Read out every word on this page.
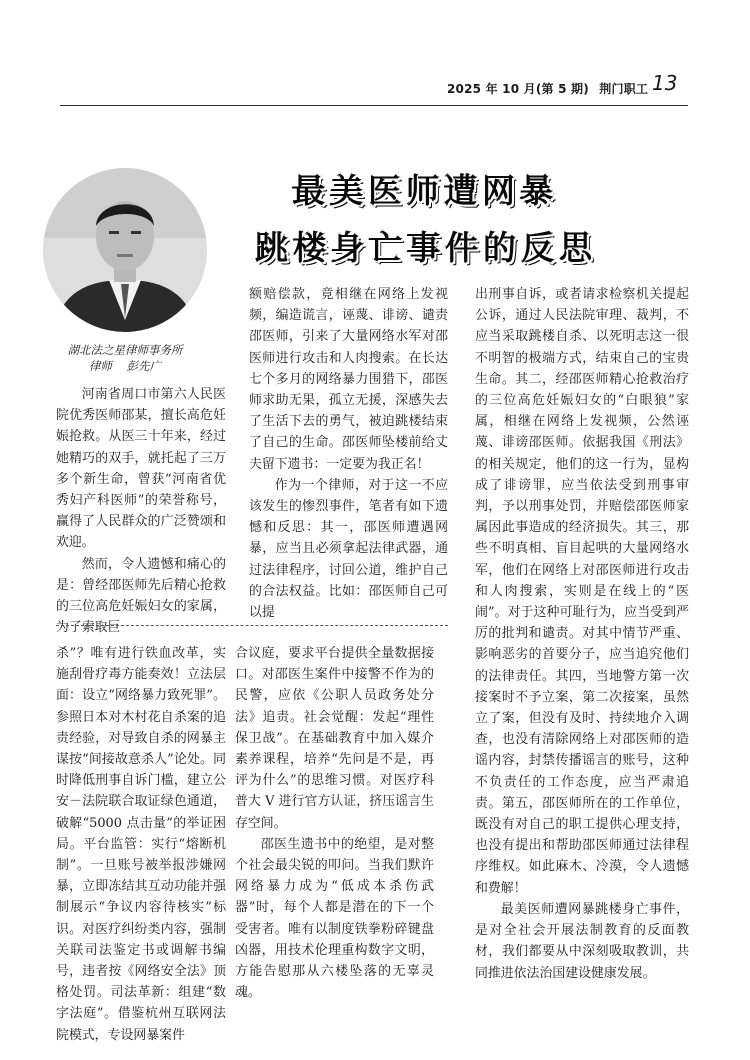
2025 年 10 月(第 5 期) 荆门职工 13
最美医师遭网暴
跳楼身亡事件的反思
湖北法之星律师事务所
律师    彭先广

河南省周口市第六人民医院优秀医师邵某，擅长高危妊娠抢救。从医三十年来，经过她精巧的双手，就托起了三万多个新生命，曾获“河南省优秀妇产科医师”的荣誉称号，赢得了人民群众的广泛赞颂和欢迎。

然而，令人遗憾和痛心的是：曾经邵医师先后精心抢救的三位高危妊娠妇女的家属，为了索取巨

额赔偿款，竟相继在网络上发视频，编造谎言，诬蔑、诽谤、谴责邵医师，引来了大量网络水军对邵医师进行攻击和人肉搜索。在长达七个多月的网络暴力围猎下，邵医师求助无果，孤立无援，深感失去了生活下去的勇气，被迫跳楼结束了自己的生命。邵医师坠楼前给丈夫留下遗书：一定要为我正名！

作为一个律师，对于这一不应该发生的惨烈事件，笔者有如下遗憾和反思：其一，邵医师遭遇网暴，应当且必须拿起法律武器，通过法律程序，讨回公道，维护自己的合法权益。比如：邵医师自己可以提

杀”？唯有进行铁血改革，实施刮骨疗毒方能奏效！立法层面：设立“网络暴力致死罪”。参照日本对木村花自杀案的追责经验，对导致自杀的网暴主谋按“间接故意杀人”论处。同时降低刑事自诉门槛，建立公安－法院联合取证绿色通道，破解“5000 点击量”的举证困局。平台监管：实行“熔断机制”。一旦账号被举报涉嫌网暴，立即冻结其互动功能并强制展示“争议内容待核实”标识。对医疗纠纷类内容，强制关联司法鉴定书或调解书编号，违者按《网络安全法》顶格处罚。司法革新：组建“数字法庭”。借鉴杭州互联网法院模式，专设网暴案件

合议庭，要求平台提供全量数据接口。对邵医生案件中接警不作为的民警，应依《公职人员政务处分法》追责。社会觉醒：发起“理性保卫战”。在基础教育中加入媒介素养课程，培养“先问是不是，再评为什么”的思维习惯。对医疗科普大 V 进行官方认证，挤压谣言生存空间。

邵医生遗书中的绝望，是对整个社会最尖锐的叩问。当我们默许网络暴力成为“低成本杀伤武器”时，每个人都是潜在的下一个受害者。唯有以制度铁拳粉碎键盘凶器，用技术伦理重构数字文明，方能告慰那从六楼坠落的无辜灵魂。

出刑事自诉，或者请求检察机关提起公诉，通过人民法院审理、裁判，不应当采取跳楼自杀、以死明志这一很不明智的极端方式，结束自己的宝贵生命。其二，经邵医师精心抢救治疗的三位高危妊娠妇女的“白眼狼”家属，相继在网络上发视频，公然诬蔑、诽谤邵医师。依据我国《刑法》的相关规定，他们的这一行为，显构成了诽谤罪，应当依法受到刑事审判，予以刑事处罚，并赔偿邵医师家属因此事造成的经济损失。其三，那些不明真相、盲目起哄的大量网络水军，他们在网络上对邵医师进行攻击和人肉搜索，实则是在线上的“医闹”。对于这种可耻行为，应当受到严厉的批判和谴责。对其中情节严重、影响恶劣的首要分子，应当追究他们的法律责任。其四，当地警方第一次接案时不予立案，第二次接案，虽然立了案，但没有及时、持续地介入调查，也没有清除网络上对邵医师的造谣内容，封禁传播谣言的账号，这种不负责任的工作态度，应当严肃追责。第五，邵医师所在的工作单位，既没有对自己的职工提供心理支持，也没有提出和帮助邵医师通过法律程序维权。如此麻木、冷漠，令人遗憾和费解！

最美医师遭网暴跳楼身亡事件，是对全社会开展法制教育的反面教材，我们都要从中深刻吸取教训，共同推进依法治国建设健康发展。
